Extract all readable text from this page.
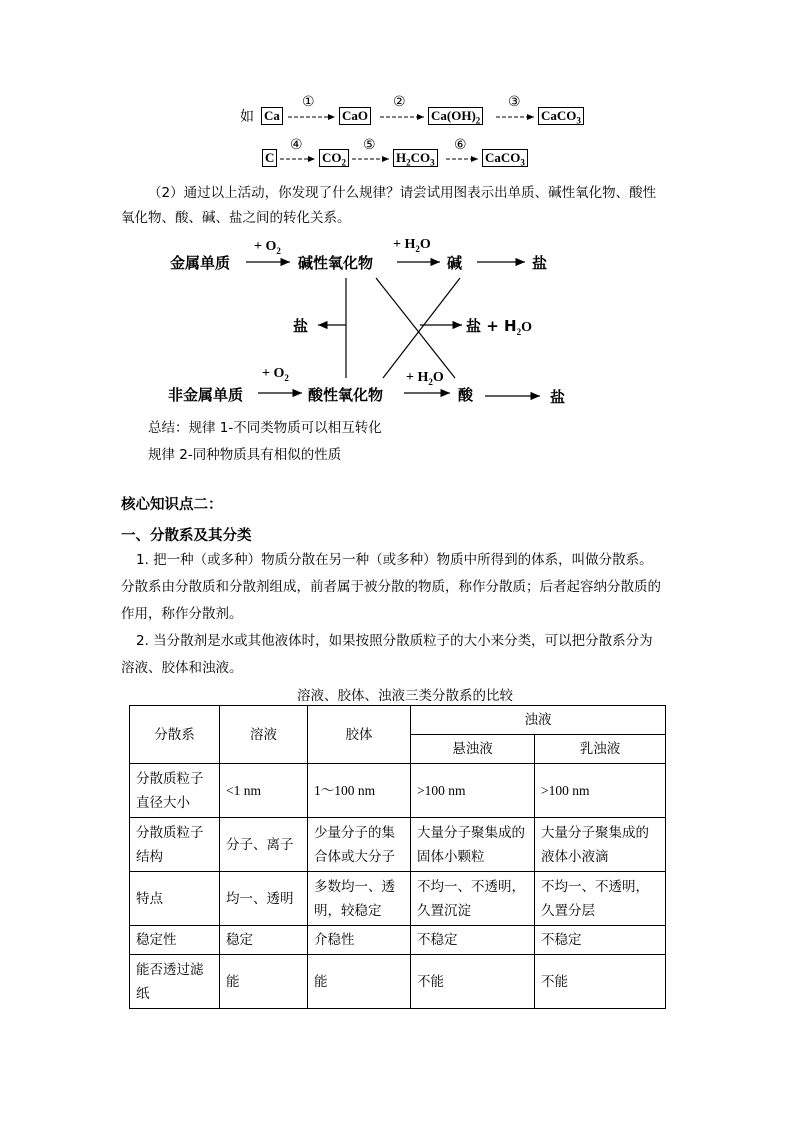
如 Ca
①
CaO
②
$Ca(OH)_2$
③
CaCO$_3$
C
④
$CO_2$
⑤
$H_2CO_3$
⑥
CaCO$_3$
（2）通过以上活动，你发现了什么规律？请尝试用图表示出单质、碱性氧化物、酸性
氧化物、酸、碱、盐之间的转化关系。
金属单质
+ $O_2$
碱性氧化物
+ $H_2O$
碱	盐
盐	盐 + $H_2O$
+ $O_2$
非金属单质	酸性氧化物
+ $H_2O$
酸	盐
总结：规律 1-不同类物质可以相互转化
规律 2-同种物质具有相似的性质
核心知识点二：
一、分散系及其分类
1. 把一种（或多种）物质分散在另一种（或多种）物质中所得到的体系，叫做分散系。
分散系由分散质和分散剂组成，前者属于被分散的物质，称作分散质；后者起容纳分散质的
作用，称作分散剂。
2. 当分散剂是水或其他液体时，如果按照分散质粒子的大小来分类，可以把分散系分为
溶液、胶体和浊液。
溶液、胶体、浊液三类分散系的比较
分散系	溶液	胶体	浊液	
			悬浊液	乳浊液
分散质粒子直径大小	<1 nm	1～100 nm	>100 nm	>100 nm
分散质粒子结构	分子、离子	少量分子的集合体或大分子	大量分子聚集成的固体小颗粒	大量分子聚集成的液体小液滴
特点	均一、透明	多数均一、透明，较稳定	不均一、不透明，久置沉淀	不均一、不透明，久置分层
稳定性	稳定	介稳性	不稳定	不稳定
能否透过滤纸	能	能	不能	不能
